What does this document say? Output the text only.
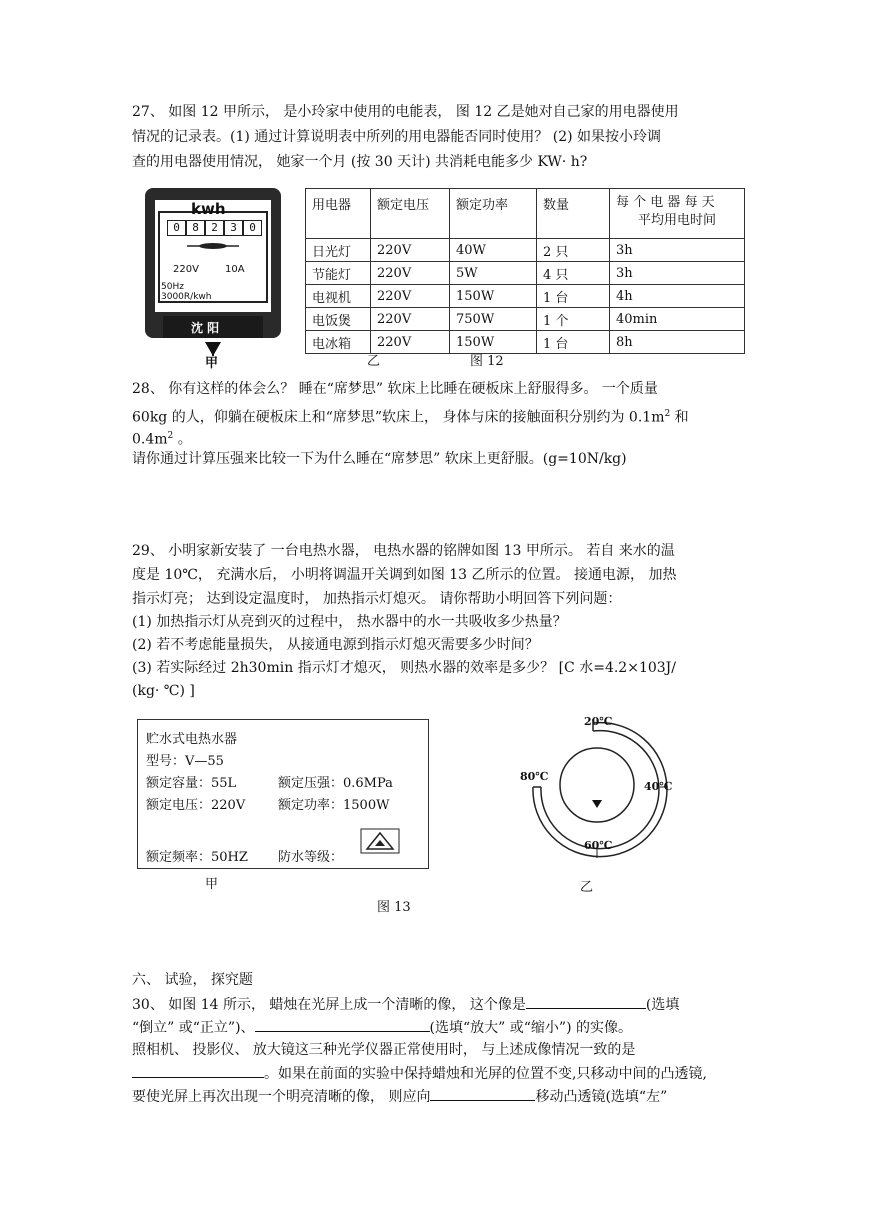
27、 如图 12 甲所示， 是小玲家中使用的电能表， 图 12 乙是她对自己家的用电器使用
情况的记录表。(1) 通过计算说明表中所列的用电器能否同时使用？ (2) 如果按小玲调
查的用电器使用情况， 她家一个月 (按 30 天计) 共消耗电能多少 KW· h?
kwh
0	8	2	3	0
220V	10A
50Hz
3000R/kwh
沈 阳
用电器	额定电压	额定功率	数量	每 个 电 器 每 天
平均用电时间

日光灯	220V	40W	2 只	3h
节能灯	220V	5W	4 只	3h
电视机	220V	150W	1 台	4h
电饭煲	220V	750W	1 个	40min
电冰箱	220V	150W	1 台	8h
甲	乙	图 12
28、 你有这样的体会么？ 睡在“席梦思” 软床上比睡在硬板床上舒服得多。 一个质量
60kg 的人，仰躺在硬板床上和“席梦思”软床上， 身体与床的接触面积分别约为 $0.1m^2$ 和
$0.4m^2$ 。
请你通过计算压强来比较一下为什么睡在“席梦思” 软床上更舒服。(g=10N/kg)
29、 小明家新安装了 一台电热水器， 电热水器的铭牌如图 13 甲所示。 若自 来水的温
度是 10℃， 充满水后， 小明将调温开关调到如图 13 乙所示的位置。 接通电源， 加热
指示灯亮； 达到设定温度时， 加热指示灯熄灭。 请你帮助小明回答下列问题：
(1) 加热指示灯从亮到灭的过程中， 热水器中的水一共吸收多少热量？
(2) 若不考虑能量损失， 从接通电源到指示灯熄灭需要多少时间？
(3) 若实际经过 2h30min 指示灯才熄灭， 则热水器的效率是多少？ [C 水=4.2×103J/
(kg· ℃) ]
贮水式电热水器
型号：V—55
额定容量：55L	额定压强：0.6MPa
额定电压：220V	额定功率：1500W
额定频率：50HZ 防水等级：
甲
20℃
40℃
60℃
80℃
乙
图 13
六、 试验， 探究题
30、 如图 14 所示， 蜡烛在光屏上成一个清晰的像， 这个像是	(选填
“倒立” 或“正立”)、	(选填“放大” 或“缩小”) 的实像。
照相机、 投影仪、 放大镜这三种光学仪器正常使用时， 与上述成像情况一致的是
。如果在前面的实验中保持蜡烛和光屏的位置不变,只移动中间的凸透镜,
要使光屏上再次出现一个明亮清晰的像， 则应向	移动凸透镜(选填“左”
